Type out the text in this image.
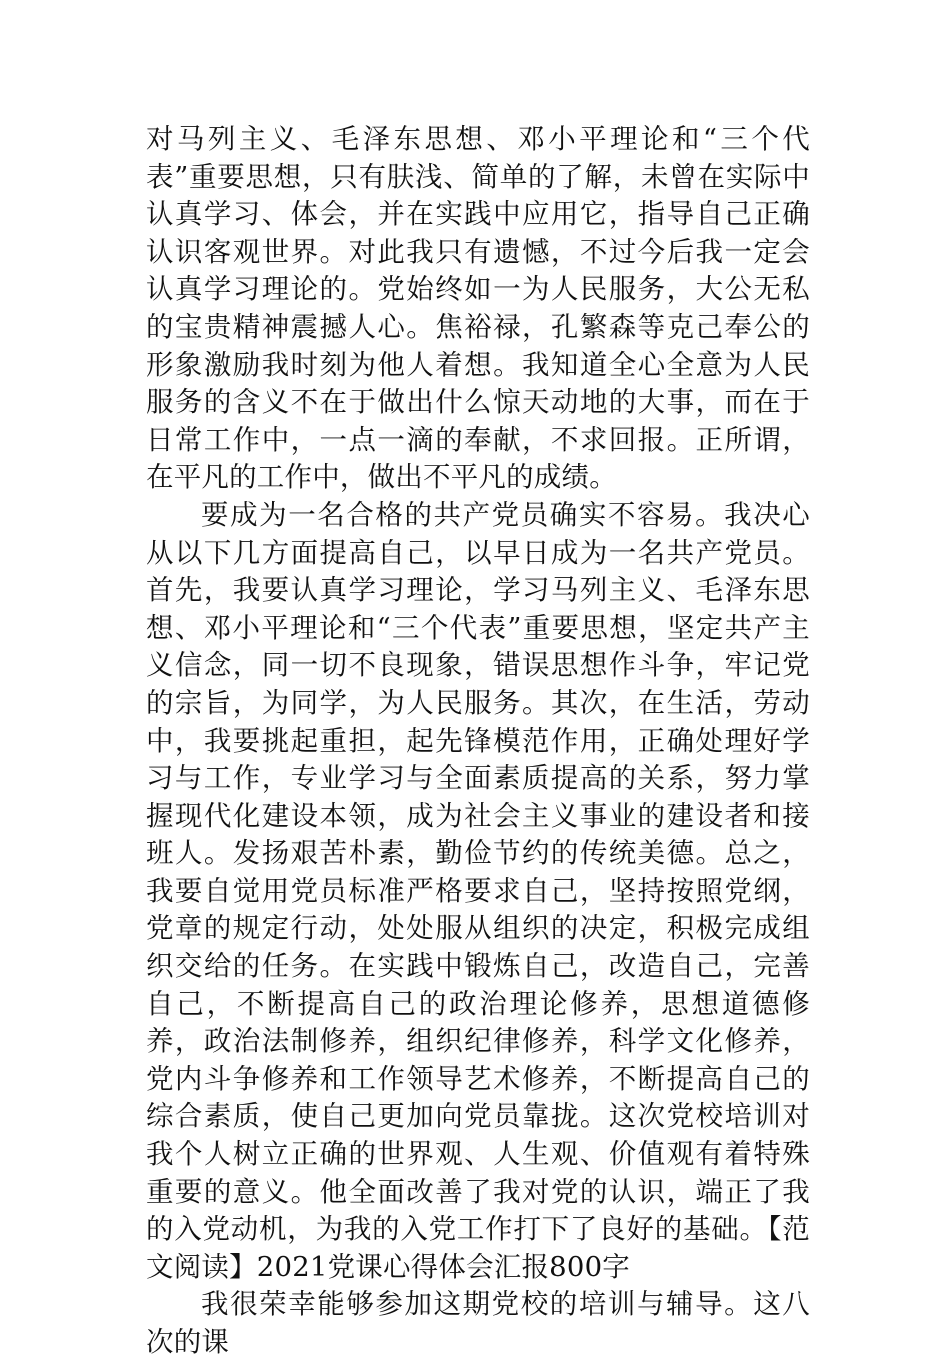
对马列主义、毛泽东思想、邓小平理论和“三个代表”重要思想，只有肤浅、简单的了解，未曾在实际中认真学习、体会，并在实践中应用它，指导自己正确认识客观世界。对此我只有遗憾，不过今后我一定会认真学习理论的。党始终如一为人民服务，大公无私的宝贵精神震撼人心。焦裕禄，孔繁森等克己奉公的形象激励我时刻为他人着想。我知道全心全意为人民服务的含义不在于做出什么惊天动地的大事，而在于日常工作中，一点一滴的奉献，不求回报。正所谓，在平凡的工作中，做出不平凡的成绩。

要成为一名合格的共产党员确实不容易。我决心从以下几方面提高自己，以早日成为一名共产党员。首先，我要认真学习理论，学习马列主义、毛泽东思想、邓小平理论和“三个代表”重要思想，坚定共产主义信念，同一切不良现象，错误思想作斗争，牢记党的宗旨，为同学，为人民服务。其次，在生活，劳动中，我要挑起重担，起先锋模范作用，正确处理好学习与工作，专业学习与全面素质提高的关系，努力掌握现代化建设本领，成为社会主义事业的建设者和接班人。发扬艰苦朴素，勤俭节约的传统美德。总之，我要自觉用党员标准严格要求自己，坚持按照党纲，党章的规定行动，处处服从组织的决定，积极完成组织交给的任务。在实践中锻炼自己，改造自己，完善自己，不断提高自己的政治理论修养，思想道德修养，政治法制修养，组织纪律修养，科学文化修养，党内斗争修养和工作领导艺术修养，不断提高自己的综合素质，使自己更加向党员靠拢。这次党校培训对我个人树立正确的世界观、人生观、价值观有着特殊重要的意义。他全面改善了我对党的认识，端正了我的入党动机，为我的入党工作打下了良好的基础。【范文阅读】2021党课心得体会汇报800字

我很荣幸能够参加这期党校的培训与辅导。这八次的课
